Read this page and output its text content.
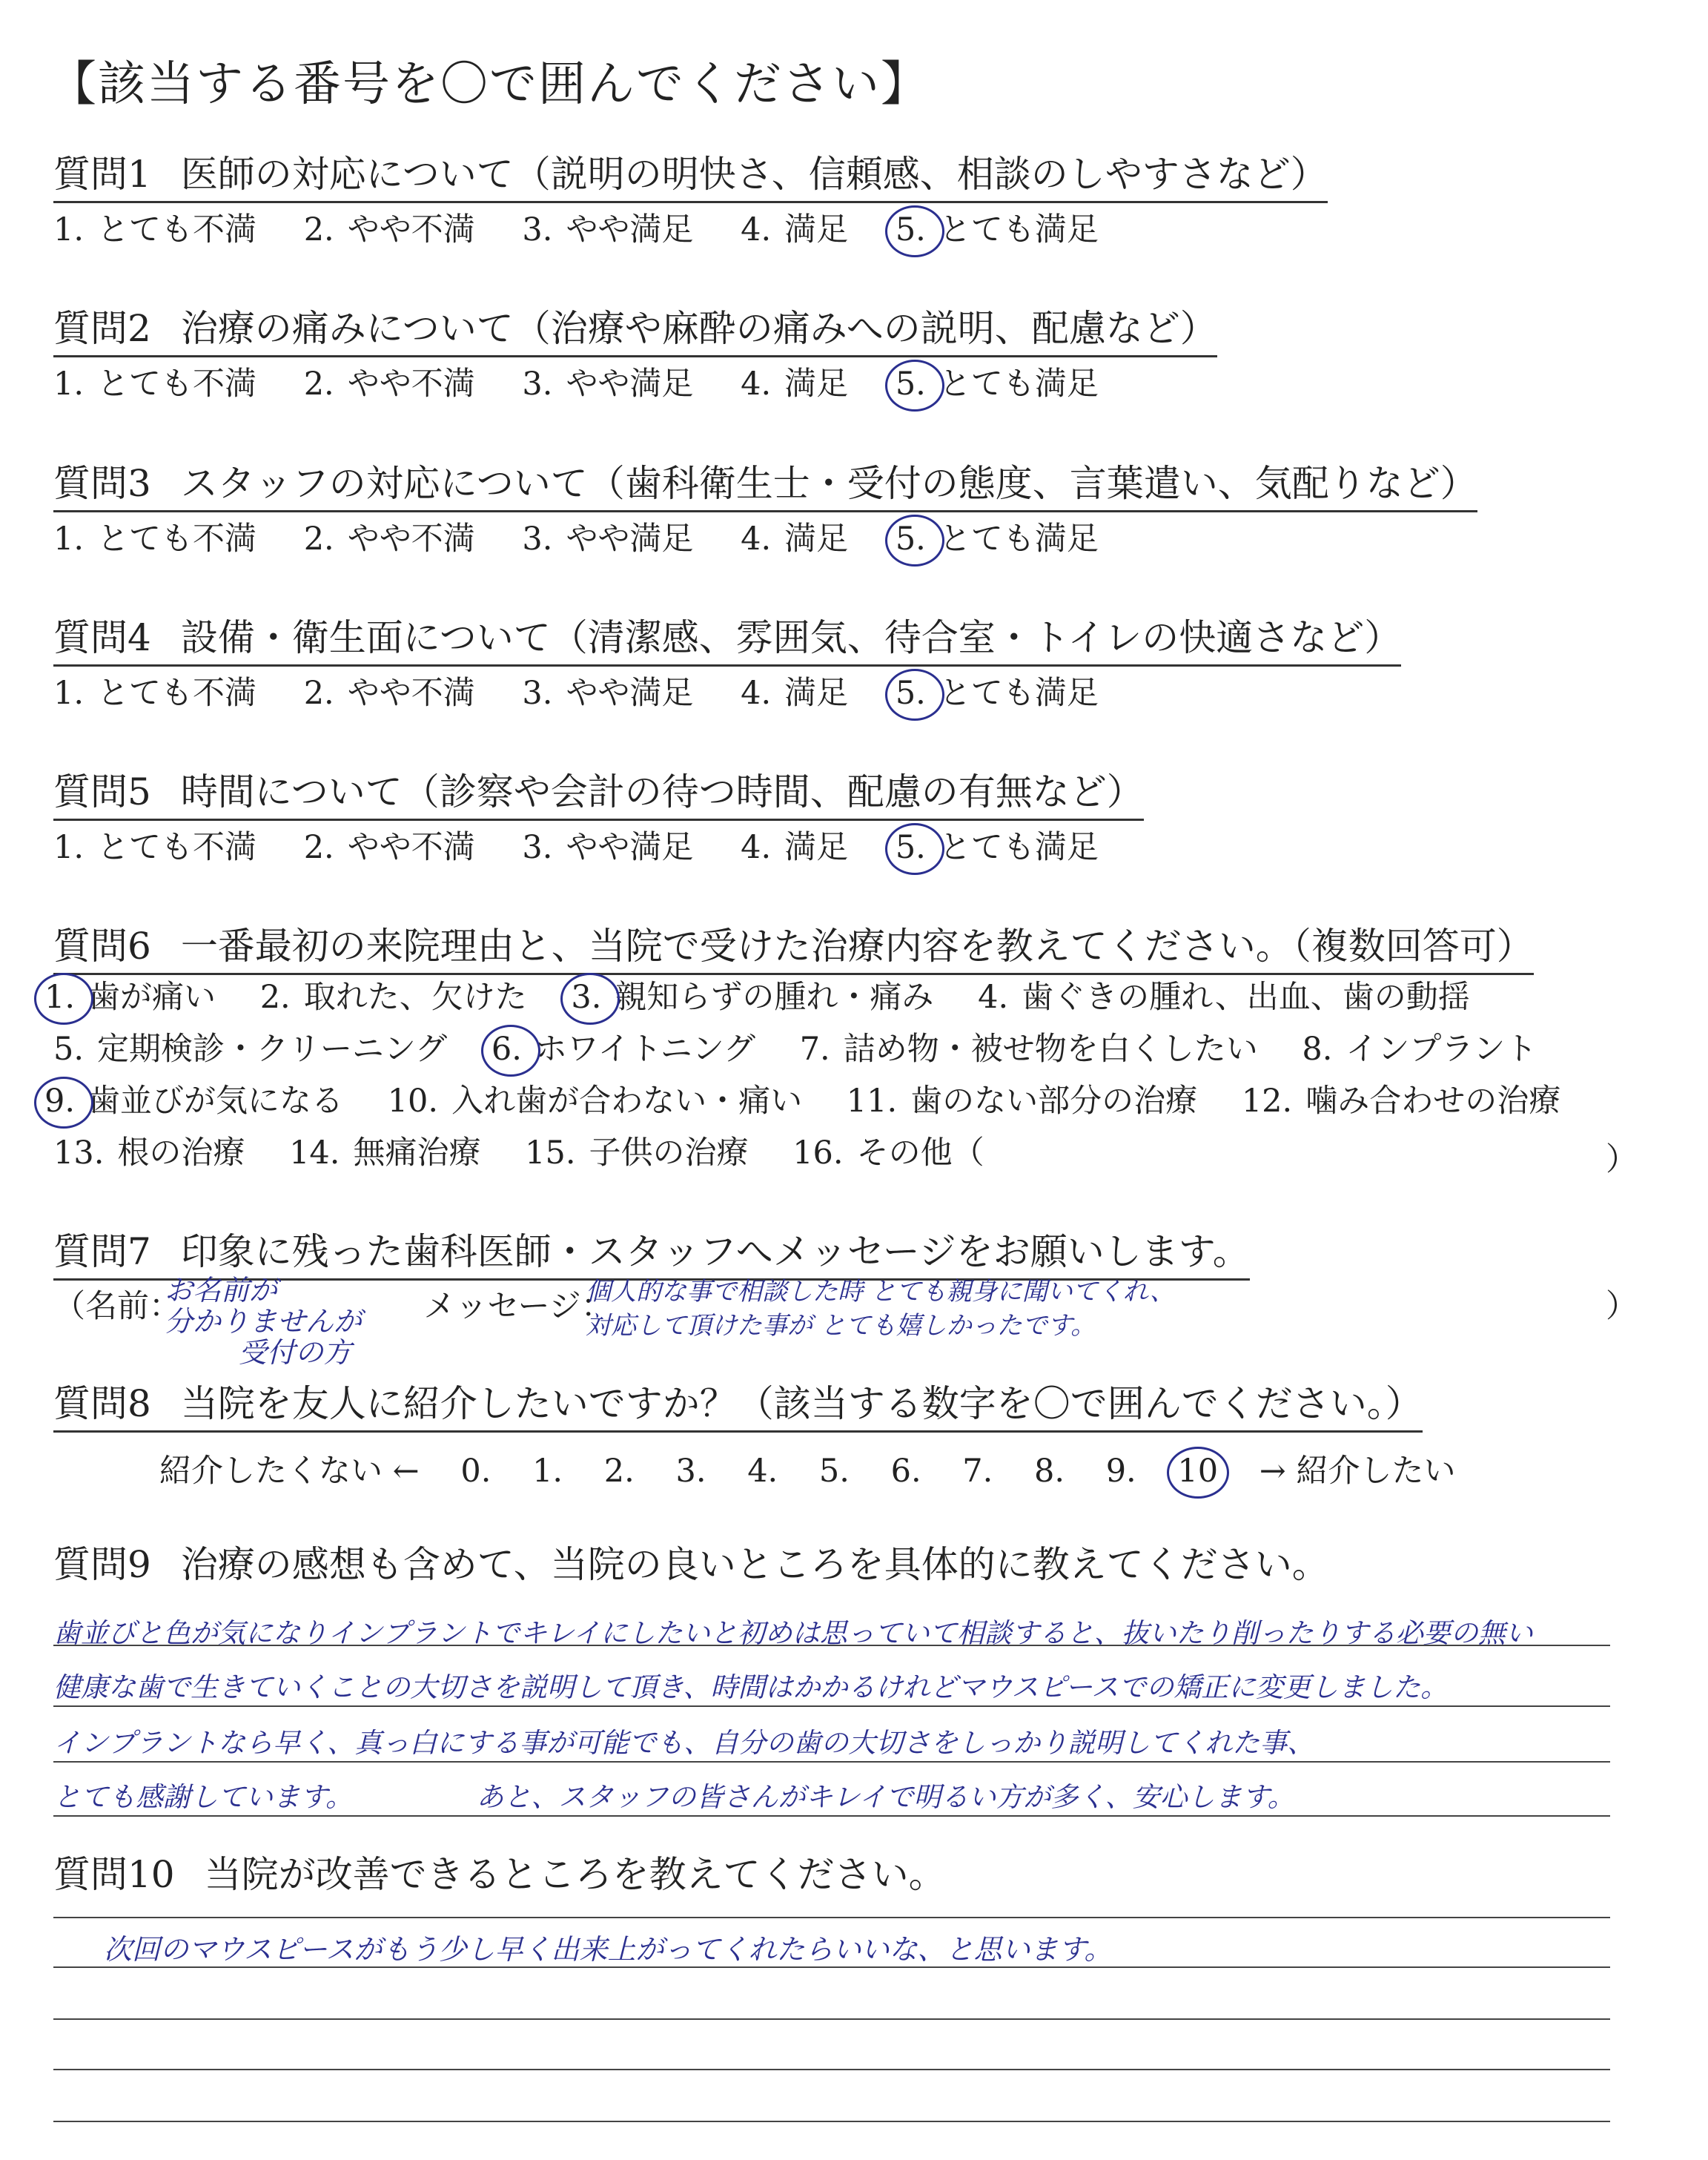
【該当する番号を〇で囲んでください】
質問1 医師の対応について（説明の明快さ、信頼感、相談のしやすさなど）
1. とても不満 2. やや不満 3. やや満足 4. 満足 5. とても満足
質問2 治療の痛みについて（治療や麻酔の痛みへの説明、配慮など）
1. とても不満 2. やや不満 3. やや満足 4. 満足 5. とても満足
質問3 スタッフの対応について（歯科衛生士・受付の態度、言葉遣い、気配りなど）
1. とても不満 2. やや不満 3. やや満足 4. 満足 5. とても満足
質問4 設備・衛生面について（清潔感、雰囲気、待合室・トイレの快適さなど）
1. とても不満 2. やや不満 3. やや満足 4. 満足 5. とても満足
質問5 時間について（診察や会計の待つ時間、配慮の有無など）
1. とても不満 2. やや不満 3. やや満足 4. 満足 5. とても満足
質問6 一番最初の来院理由と、当院で受けた治療内容を教えてください。（複数回答可）
1. 歯が痛い 2. 取れた、欠けた 3. 親知らずの腫れ・痛み 4. 歯ぐきの腫れ、出血、歯の動揺
5. 定期検診・クリーニング 6. ホワイトニング 7. 詰め物・被せ物を白くしたい 8. インプラント
9. 歯並びが気になる 10. 入れ歯が合わない・痛い 11. 歯のない部分の治療 12. 噛み合わせの治療
13. 根の治療 14. 無痛治療 15. 子供の治療 16. その他（	）
質問7 印象に残った歯科医師・スタッフへメッセージをお願いします。
（名前：	メッセージ：	）
お名前が
分かりませんが
受付の方
個人的な事で相談した時 とても親身に聞いてくれ、
対応して頂けた事が とても嬉しかったです。
質問8 当院を友人に紹介したいですか？（該当する数字を〇で囲んでください。）
紹介したくない ← 0. 1. 2. 3. 4. 5. 6. 7. 8. 9. 10 → 紹介したい
質問9 治療の感想も含めて、当院の良いところを具体的に教えてください。
歯並びと色が気になりインプラントでキレイにしたいと初めは思っていて相談すると、抜いたり削ったりする必要の無い
健康な歯で生きていくことの大切さを説明して頂き、時間はかかるけれどマウスピースでの矯正に変更しました。
インプラントなら早く、真っ白にする事が可能でも、自分の歯の大切さをしっかり説明してくれた事、
とても感謝しています。　　　　　あと、スタッフの皆さんがキレイで明るい方が多く、安心します。
質問10 当院が改善できるところを教えてください。
次回のマウスピースがもう少し早く出来上がってくれたらいいな、と思います。
